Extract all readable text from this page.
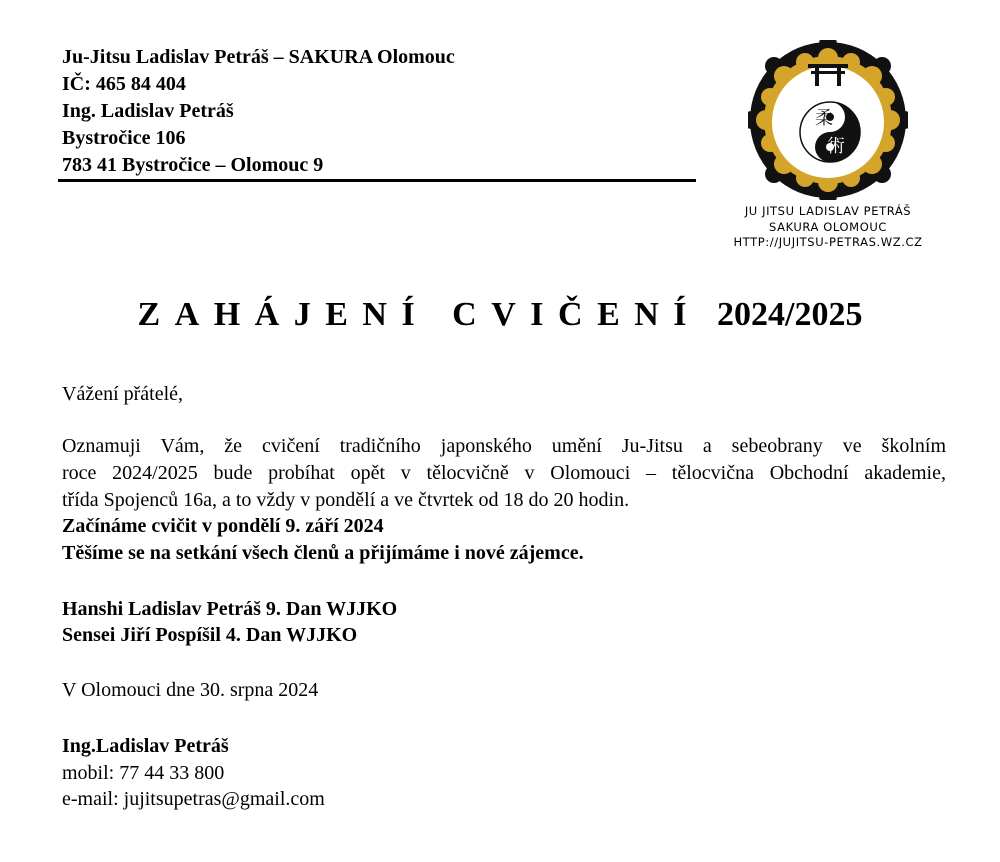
Ju-Jitsu Ladislav Petráš – SAKURA Olomouc
IČ: 465 84 404
Ing. Ladislav Petráš
Bystročice 106
783 41 Bystročice – Olomouc 9
柔
術
JU JITSU LADISLAV PETRÁŠ
SAKURA OLOMOUC
HTTP://JUJITSU-PETRAS.WZ.CZ
ZAHÁJENÍ CVIČENÍ 2024/2025
Vážení přátelé,
Oznamuji Vám, že cvičení tradičního japonského umění Ju-Jitsu a sebeobrany ve školním
roce 2024/2025 bude probíhat opět v tělocvičně v Olomouci – tělocvična Obchodní akademie,
třída Spojenců 16a, a to vždy v pondělí a ve čtvrtek od 18 do 20 hodin.
Začínáme cvičit v pondělí 9. září 2024
Těšíme se na setkání všech členů a přijímáme i nové zájemce.
Hanshi Ladislav Petráš 9. Dan WJJKO
Sensei Jiří Pospíšil 4. Dan WJJKO
V Olomouci dne 30. srpna 2024
Ing.Ladislav Petráš
mobil: 77 44 33 800
e-mail: jujitsupetras@gmail.com
